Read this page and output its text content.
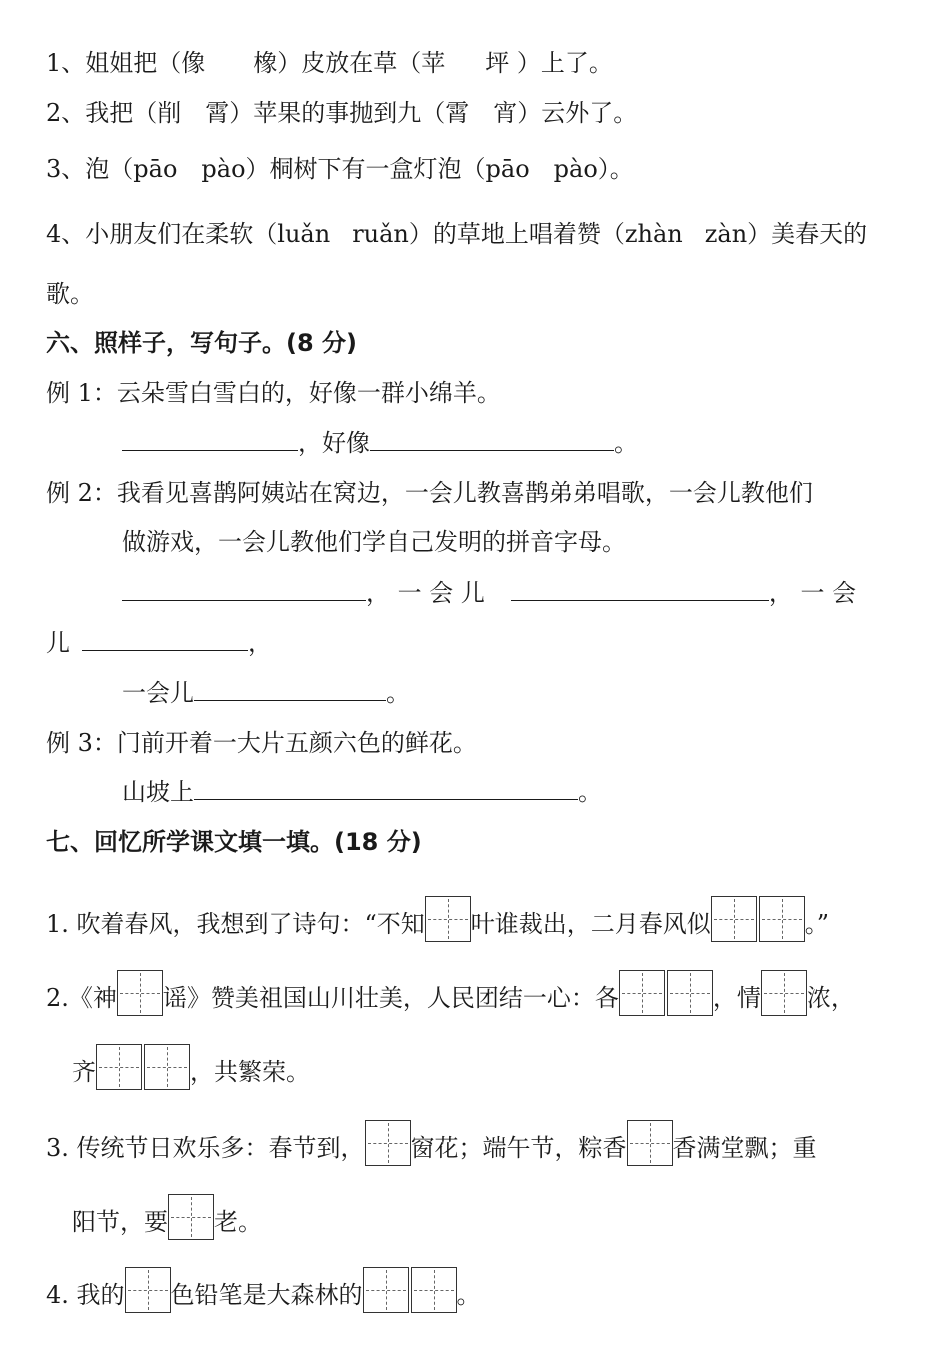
1、姐姐把（像 橡）皮放在草（苹 坪 ）上了。
2、我把（削 霄）苹果的事抛到九（霄 宵）云外了。
3、泡（pāo pào）桐树下有一盒灯泡（pāo pào）。
4、小朋友们在柔软（luǎn ruǎn）的草地上唱着赞（zhàn zàn）美春天的
歌。
六、照样子，写句子。(8 分)
例 1：云朵雪白雪白的，好像一群小绵羊。
，好像	。
例 2：我看见喜鹊阿姨站在窝边，一会儿教喜鹊弟弟唱歌，一会儿教他们
做游戏，一会儿教他们学自己发明的拼音字母。
， 一 会 儿	， 一 会
儿	，
一会儿	。
例 3：门前开着一大片五颜六色的鲜花。
山坡上	。
七、回忆所学课文填一填。(18 分)
1. 吹着春风，我想到了诗句：“不知 叶谁裁出，二月春风似	。”
2.《神 谣》赞美祖国山川壮美，人民团结一心：各	，情 浓，
齐	，共繁荣。
3. 传统节日欢乐多：春节到， 窗花；端午节，粽香 香满堂飘；重
阳节，要 老。
4. 我的 色铅笔是大森林的	。
